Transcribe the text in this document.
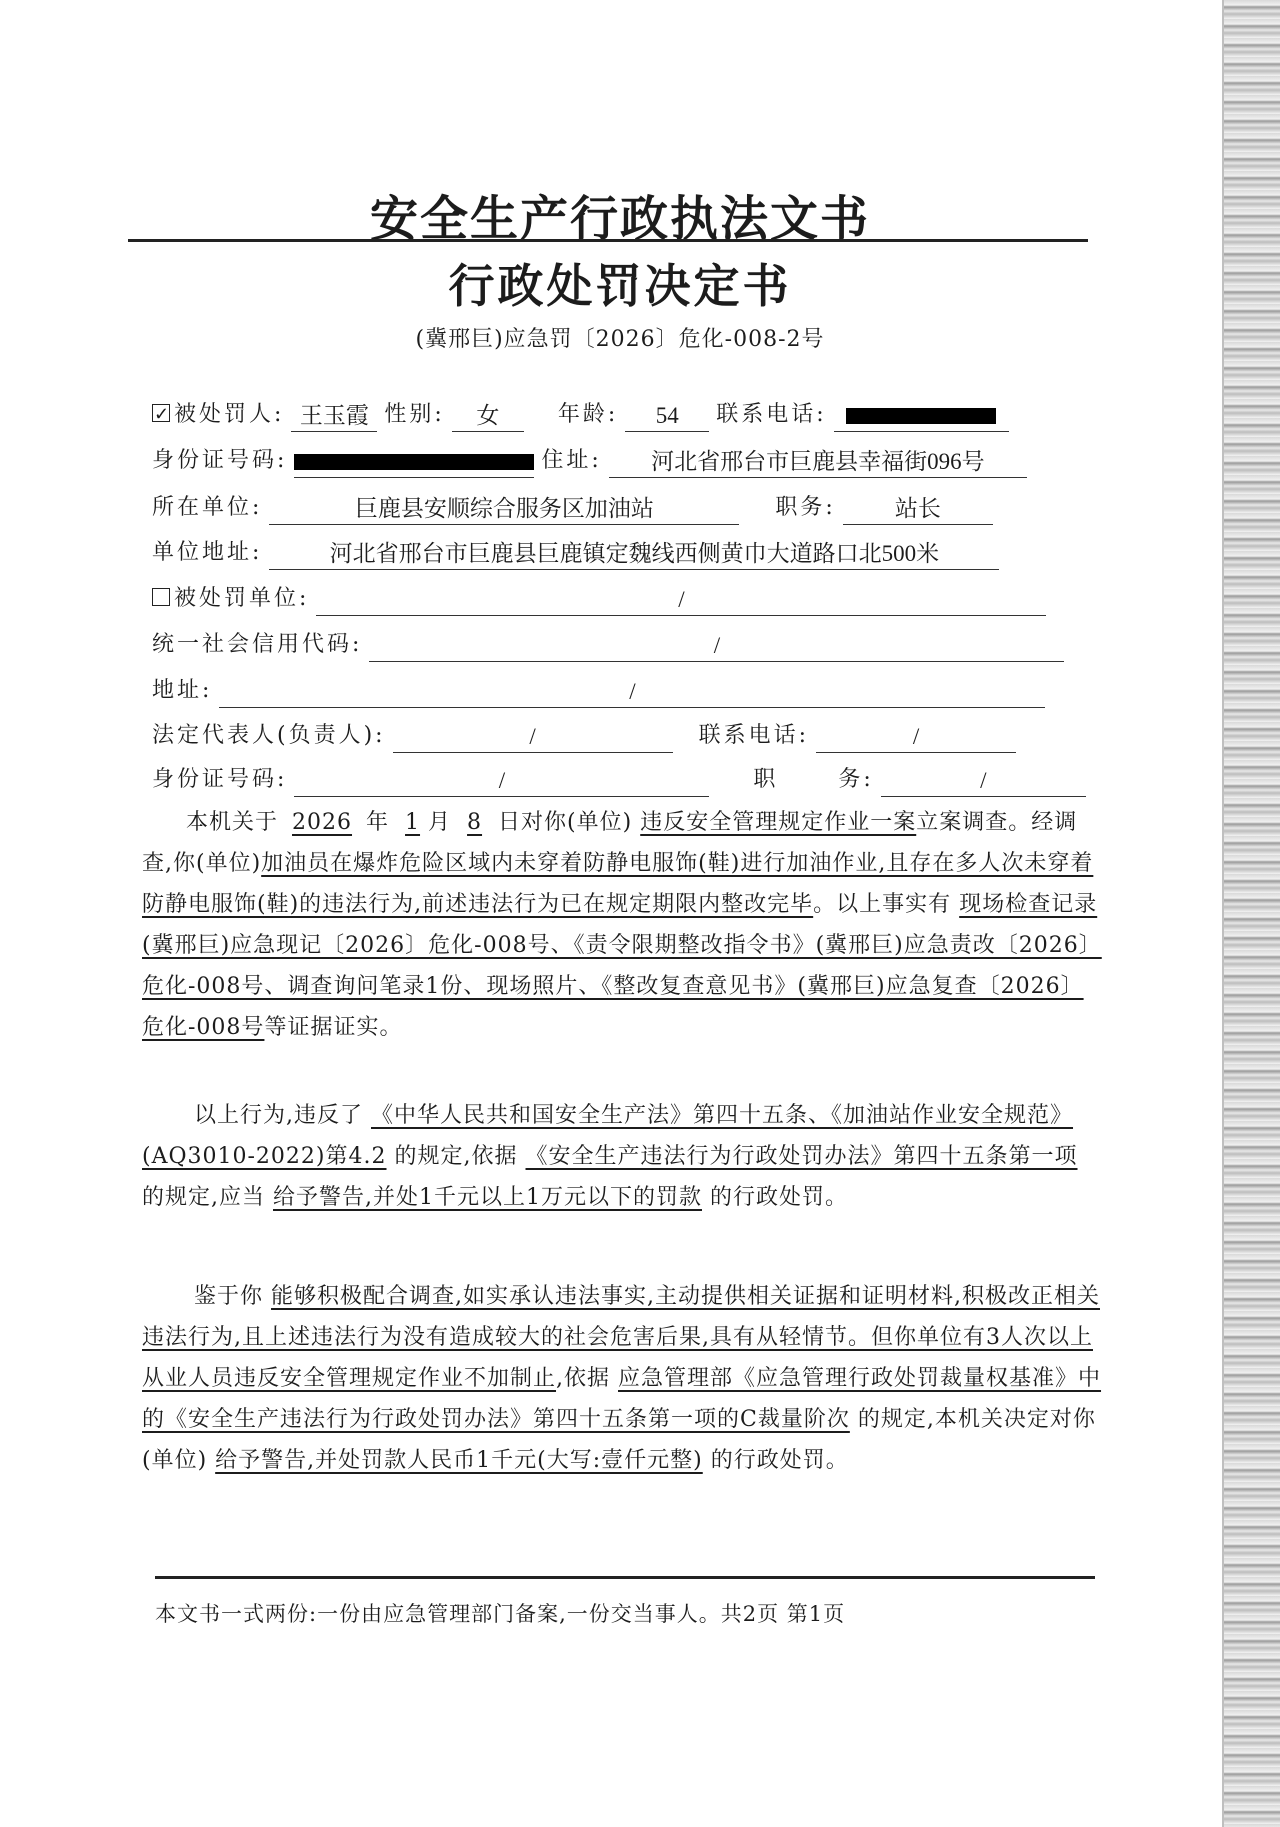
安全生产行政执法文书
行政处罚决定书
(冀邢巨)应急罚〔2026〕危化-008-2号
✓被处罚人: 王玉霞 性别: 女	年龄: 54 联系电话:
身份证号码:	住址: 河北省邢台市巨鹿县幸福街096号
所在单位:	巨鹿县安顺综合服务区加油站	职务:	站长
单位地址:	河北省邢台市巨鹿县巨鹿镇定魏线西侧黄巾大道路口北500米
被处罚单位:	/
统一社会信用代码:	/
地址:	/
法定代表人(负责人):	/	联系电话:	/
身份证号码:	/	职      务:	/
本机关于 2026 年 1 月 8 日对你(单位) 违反安全管理规定作业一案立案调查。经调查,你(单位)加油员在爆炸危险区域内未穿着防静电服饰(鞋)进行加油作业,且存在多人次未穿着防静电服饰(鞋)的违法行为,前述违法行为已在规定期限内整改完毕。以上事实有 现场检查记录(冀邢巨)应急现记〔2026〕危化-008号、《责令限期整改指令书》(冀邢巨)应急责改〔2026〕危化-008号、调查询问笔录1份、现场照片、《整改复查意见书》(冀邢巨)应急复查〔2026〕危化-008号等证据证实。
以上行为,违反了 《中华人民共和国安全生产法》第四十五条、《加油站作业安全规范》(AQ3010-2022)第4.2 的规定,依据 《安全生产违法行为行政处罚办法》第四十五条第一项 的规定,应当 给予警告,并处1千元以上1万元以下的罚款 的行政处罚。
鉴于你 能够积极配合调查,如实承认违法事实,主动提供相关证据和证明材料,积极改正相关违法行为,且上述违法行为没有造成较大的社会危害后果,具有从轻情节。但你单位有3人次以上从业人员违反安全管理规定作业不加制止,依据 应急管理部《应急管理行政处罚裁量权基准》中的《安全生产违法行为行政处罚办法》第四十五条第一项的C裁量阶次 的规定,本机关决定对你(单位) 给予警告,并处罚款人民币1千元(大写:壹仟元整) 的行政处罚。
本文书一式两份:一份由应急管理部门备案,一份交当事人。共2页 第1页
